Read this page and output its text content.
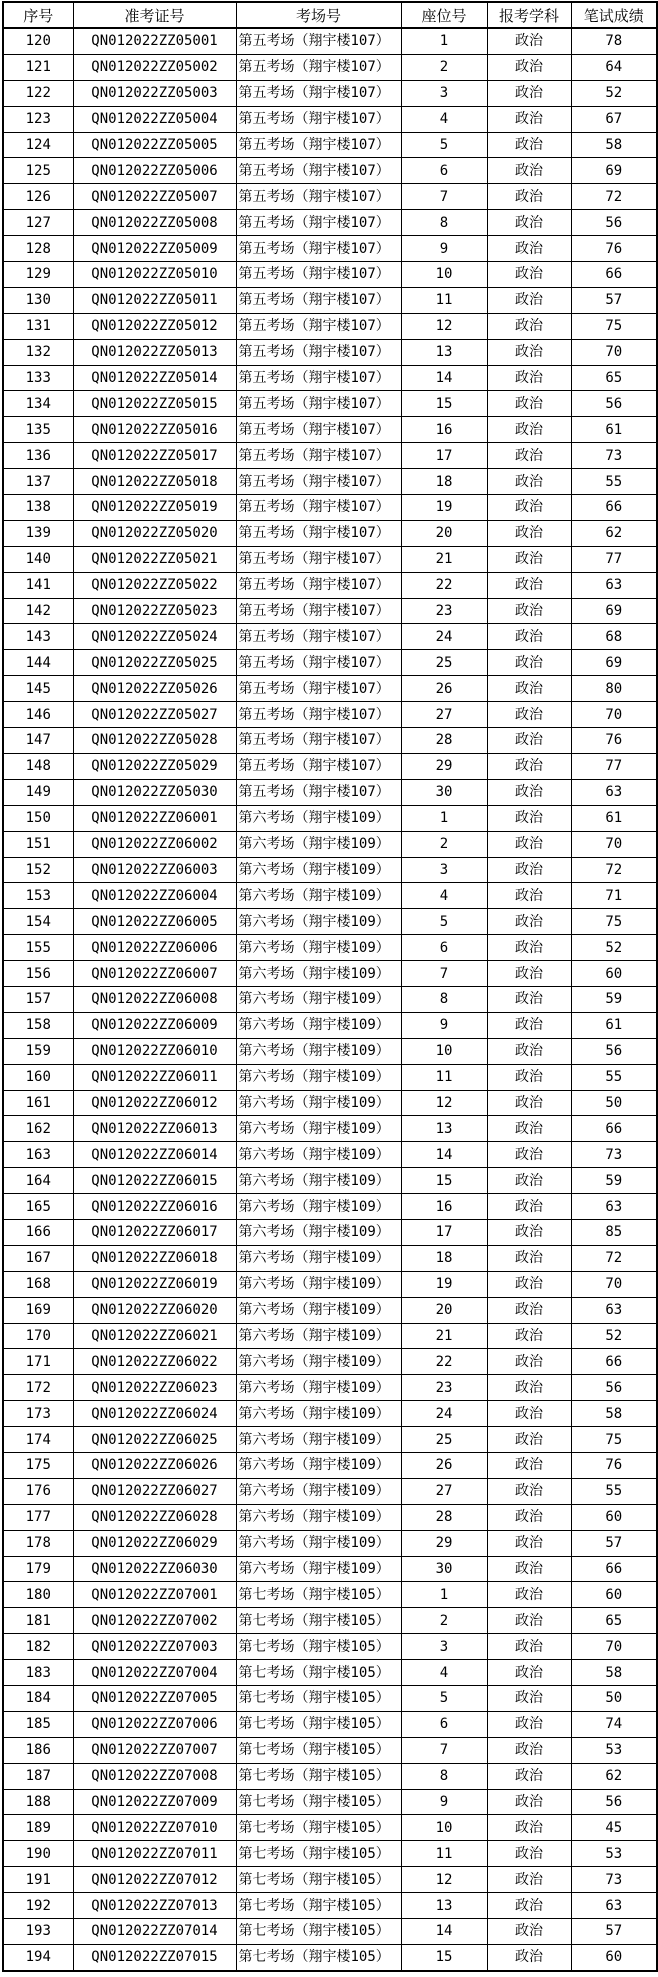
序号	准考证号	考场号	座位号	报考学科	笔试成绩
120	QN012022ZZ05001	第五考场（翔宇楼107）	1	政治	78
121	QN012022ZZ05002	第五考场（翔宇楼107）	2	政治	64
122	QN012022ZZ05003	第五考场（翔宇楼107）	3	政治	52
123	QN012022ZZ05004	第五考场（翔宇楼107）	4	政治	67
124	QN012022ZZ05005	第五考场（翔宇楼107）	5	政治	58
125	QN012022ZZ05006	第五考场（翔宇楼107）	6	政治	69
126	QN012022ZZ05007	第五考场（翔宇楼107）	7	政治	72
127	QN012022ZZ05008	第五考场（翔宇楼107）	8	政治	56
128	QN012022ZZ05009	第五考场（翔宇楼107）	9	政治	76
129	QN012022ZZ05010	第五考场（翔宇楼107）	10	政治	66
130	QN012022ZZ05011	第五考场（翔宇楼107）	11	政治	57
131	QN012022ZZ05012	第五考场（翔宇楼107）	12	政治	75
132	QN012022ZZ05013	第五考场（翔宇楼107）	13	政治	70
133	QN012022ZZ05014	第五考场（翔宇楼107）	14	政治	65
134	QN012022ZZ05015	第五考场（翔宇楼107）	15	政治	56
135	QN012022ZZ05016	第五考场（翔宇楼107）	16	政治	61
136	QN012022ZZ05017	第五考场（翔宇楼107）	17	政治	73
137	QN012022ZZ05018	第五考场（翔宇楼107）	18	政治	55
138	QN012022ZZ05019	第五考场（翔宇楼107）	19	政治	66
139	QN012022ZZ05020	第五考场（翔宇楼107）	20	政治	62
140	QN012022ZZ05021	第五考场（翔宇楼107）	21	政治	77
141	QN012022ZZ05022	第五考场（翔宇楼107）	22	政治	63
142	QN012022ZZ05023	第五考场（翔宇楼107）	23	政治	69
143	QN012022ZZ05024	第五考场（翔宇楼107）	24	政治	68
144	QN012022ZZ05025	第五考场（翔宇楼107）	25	政治	69
145	QN012022ZZ05026	第五考场（翔宇楼107）	26	政治	80
146	QN012022ZZ05027	第五考场（翔宇楼107）	27	政治	70
147	QN012022ZZ05028	第五考场（翔宇楼107）	28	政治	76
148	QN012022ZZ05029	第五考场（翔宇楼107）	29	政治	77
149	QN012022ZZ05030	第五考场（翔宇楼107）	30	政治	63
150	QN012022ZZ06001	第六考场（翔宇楼109）	1	政治	61
151	QN012022ZZ06002	第六考场（翔宇楼109）	2	政治	70
152	QN012022ZZ06003	第六考场（翔宇楼109）	3	政治	72
153	QN012022ZZ06004	第六考场（翔宇楼109）	4	政治	71
154	QN012022ZZ06005	第六考场（翔宇楼109）	5	政治	75
155	QN012022ZZ06006	第六考场（翔宇楼109）	6	政治	52
156	QN012022ZZ06007	第六考场（翔宇楼109）	7	政治	60
157	QN012022ZZ06008	第六考场（翔宇楼109）	8	政治	59
158	QN012022ZZ06009	第六考场（翔宇楼109）	9	政治	61
159	QN012022ZZ06010	第六考场（翔宇楼109）	10	政治	56
160	QN012022ZZ06011	第六考场（翔宇楼109）	11	政治	55
161	QN012022ZZ06012	第六考场（翔宇楼109）	12	政治	50
162	QN012022ZZ06013	第六考场（翔宇楼109）	13	政治	66
163	QN012022ZZ06014	第六考场（翔宇楼109）	14	政治	73
164	QN012022ZZ06015	第六考场（翔宇楼109）	15	政治	59
165	QN012022ZZ06016	第六考场（翔宇楼109）	16	政治	63
166	QN012022ZZ06017	第六考场（翔宇楼109）	17	政治	85
167	QN012022ZZ06018	第六考场（翔宇楼109）	18	政治	72
168	QN012022ZZ06019	第六考场（翔宇楼109）	19	政治	70
169	QN012022ZZ06020	第六考场（翔宇楼109）	20	政治	63
170	QN012022ZZ06021	第六考场（翔宇楼109）	21	政治	52
171	QN012022ZZ06022	第六考场（翔宇楼109）	22	政治	66
172	QN012022ZZ06023	第六考场（翔宇楼109）	23	政治	56
173	QN012022ZZ06024	第六考场（翔宇楼109）	24	政治	58
174	QN012022ZZ06025	第六考场（翔宇楼109）	25	政治	75
175	QN012022ZZ06026	第六考场（翔宇楼109）	26	政治	76
176	QN012022ZZ06027	第六考场（翔宇楼109）	27	政治	55
177	QN012022ZZ06028	第六考场（翔宇楼109）	28	政治	60
178	QN012022ZZ06029	第六考场（翔宇楼109）	29	政治	57
179	QN012022ZZ06030	第六考场（翔宇楼109）	30	政治	66
180	QN012022ZZ07001	第七考场（翔宇楼105）	1	政治	60
181	QN012022ZZ07002	第七考场（翔宇楼105）	2	政治	65
182	QN012022ZZ07003	第七考场（翔宇楼105）	3	政治	70
183	QN012022ZZ07004	第七考场（翔宇楼105）	4	政治	58
184	QN012022ZZ07005	第七考场（翔宇楼105）	5	政治	50
185	QN012022ZZ07006	第七考场（翔宇楼105）	6	政治	74
186	QN012022ZZ07007	第七考场（翔宇楼105）	7	政治	53
187	QN012022ZZ07008	第七考场（翔宇楼105）	8	政治	62
188	QN012022ZZ07009	第七考场（翔宇楼105）	9	政治	56
189	QN012022ZZ07010	第七考场（翔宇楼105）	10	政治	45
190	QN012022ZZ07011	第七考场（翔宇楼105）	11	政治	53
191	QN012022ZZ07012	第七考场（翔宇楼105）	12	政治	73
192	QN012022ZZ07013	第七考场（翔宇楼105）	13	政治	63
193	QN012022ZZ07014	第七考场（翔宇楼105）	14	政治	57
194	QN012022ZZ07015	第七考场（翔宇楼105）	15	政治	60
